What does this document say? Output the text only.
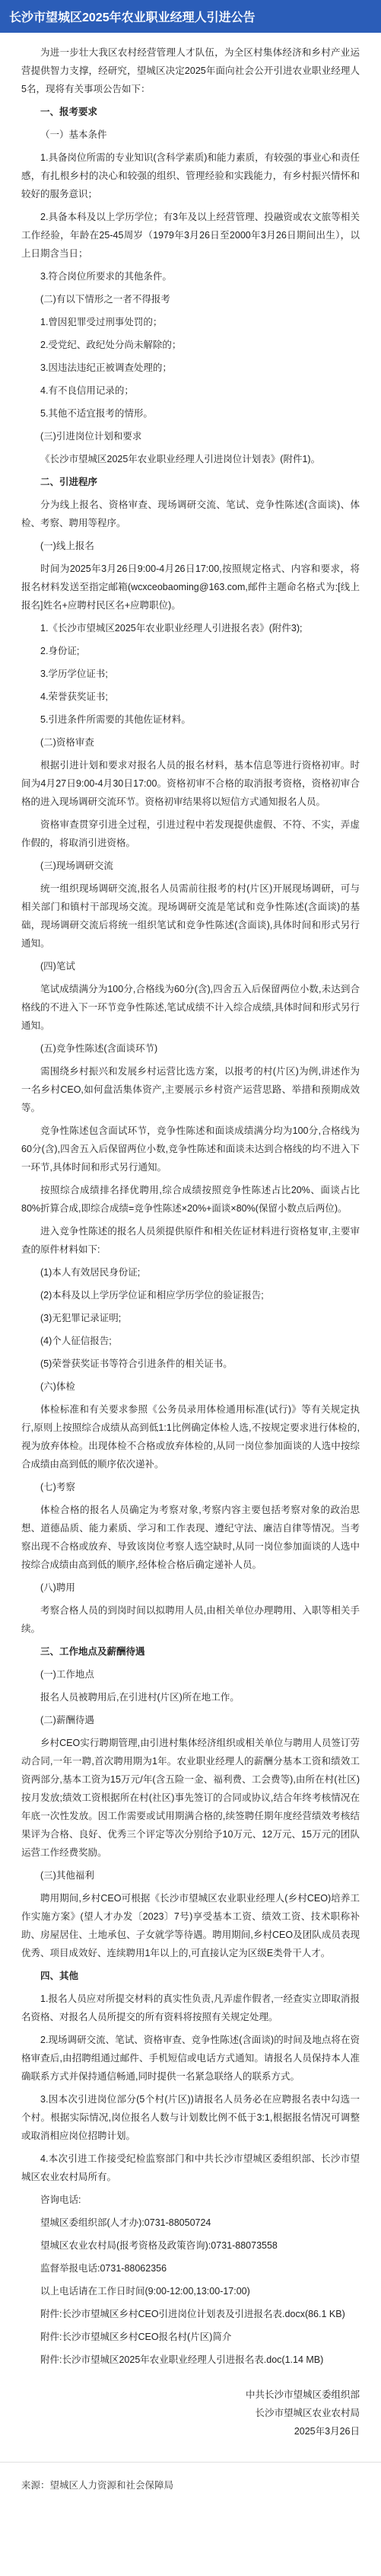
长沙市望城区2025年农业职业经理人引进公告

为进一步壮大我区农村经营管理人才队伍，为全区村集体经济和乡村产业运营提供智力支撑，经研究，望城区决定2025年面向社会公开引进农业职业经理人5名，现将有关事项公告如下：

一、报考要求

（一）基本条件

1.具备岗位所需的专业知识(含科学素质)和能力素质，有较强的事业心和责任感，有扎根乡村的决心和较强的组织、管理经验和实践能力，有乡村振兴情怀和较好的服务意识；

2.具备本科及以上学历学位；有3年及以上经营管理、投融资或农文旅等相关工作经验，年龄在25-45周岁（1979年3月26日至2000年3月26日期间出生），以上日期含当日；

3.符合岗位所要求的其他条件。

(二)有以下情形之一者不得报考

1.曾因犯罪受过刑事处罚的；

2.受党纪、政纪处分尚未解除的；

3.因违法违纪正被调查处理的；

4.有不良信用记录的；

5.其他不适宜报考的情形。

(三)引进岗位计划和要求

《长沙市望城区2025年农业职业经理人引进岗位计划表》(附件1)。

二、引进程序

分为线上报名、资格审查、现场调研交流、笔试、竞争性陈述(含面谈)、体检、考察、聘用等程序。

(一)线上报名

时间为2025年3月26日9:00-4月26日17:00,按照规定格式、内容和要求，将报名材料发送至指定邮箱(wcxceobaoming@163.com,邮件主题命名格式为:[线上报名]姓名+应聘村民区名+应聘职位)。

1.《长沙市望城区2025年农业职业经理人引进报名表》(附件3);

2.身份证;

3.学历学位证书;

4.荣誉获奖证书;

5.引进条件所需要的其他佐证材料。

(二)资格审查

根据引进计划和要求对报名人员的报名材料，基本信息等进行资格初审。时间为4月27日9:00-4月30日17:00。资格初审不合格的取消报考资格，资格初审合格的进入现场调研交流环节。资格初审结果将以短信方式通知报名人员。

资格审查贯穿引进全过程，引进过程中若发现提供虚假、不符、不实，弄虚作假的，将取消引进资格。

(三)现场调研交流

统一组织现场调研交流,报名人员需前往报考的村(片区)开展现场调研，可与相关部门和镇村干部现场交流。现场调研交流是笔试和竞争性陈述(含面谈)的基础，现场调研交流后将统一组织笔试和竞争性陈述(含面谈),具体时间和形式另行通知。

(四)笔试

笔试成绩满分为100分,合格线为60分(含),四舍五入后保留两位小数,未达到合格线的不进入下一环节竞争性陈述,笔试成绩不计入综合成绩,具体时间和形式另行通知。

(五)竞争性陈述(含面谈环节)

需围绕乡村振兴和发展乡村运营比选方案，以报考的村(片区)为例,讲述作为一名乡村CEO,如何盘活集体资产,主要展示乡村资产运营思路、举措和预期成效等。

竞争性陈述包含面试环节，竞争性陈述和面谈成绩满分均为100分,合格线为60分(含),四舍五入后保留两位小数,竞争性陈述和面谈未达到合格线的均不进入下一环节,具体时间和形式另行通知。

按照综合成绩排名择优聘用,综合成绩按照竞争性陈述占比20%、面谈占比80%折算合成,即综合成绩=竞争性陈述×20%+面谈×80%(保留小数点后两位)。

进入竞争性陈述的报名人员须提供原件和相关佐证材料进行资格复审,主要审查的原件材料如下:

(1)本人有效居民身份证;

(2)本科及以上学历学位证和相应学历学位的验证报告;

(3)无犯罪记录证明;

(4)个人征信报告;

(5)荣誉获奖证书等符合引进条件的相关证书。

(六)体检

体检标准和有关要求参照《公务员录用体检通用标准(试行)》等有关规定执行,原则上按照综合成绩从高到低1:1比例确定体检人选,不按规定要求进行体检的,视为放弃体检。出现体检不合格或放弃体检的,从同一岗位参加面谈的人选中按综合成绩由高到低的顺序依次递补。

(七)考察

体检合格的报名人员确定为考察对象,考察内容主要包括考察对象的政治思想、道德品质、能力素质、学习和工作表现、遵纪守法、廉洁自律等情况。当考察出现不合格或放弃、导致该岗位考察人选空缺时,从同一岗位参加面谈的人选中按综合成绩由高到低的顺序,经体检合格后确定递补人员。

(八)聘用

考察合格人员的到岗时间以拟聘用人员,由相关单位办理聘用、入职等相关手续。

三、工作地点及薪酬待遇

(一)工作地点

报名人员被聘用后,在引进村(片区)所在地工作。

(二)薪酬待遇

乡村CEO实行聘期管理,由引进村集体经济组织或相关单位与聘用人员签订劳动合同,一年一聘,首次聘用期为1年。农业职业经理人的薪酬分基本工资和绩效工资两部分,基本工资为15万元/年(含五险一金、福利费、工会费等),由所在村(社区)按月发放;绩效工资根据所在村(社区)事先签订的合同或协议,结合年终考核情况在年底一次性发放。因工作需要或试用期满合格的,续签聘任期年度经营绩效考核结果评为合格、良好、优秀三个评定等次分别给予10万元、12万元、15万元的团队运营工作经费奖励。

(三)其他福利

聘用期间,乡村CEO可根据《长沙市望城区农业职业经理人(乡村CEO)培养工作实施方案》(望人才办发〔2023〕7号)享受基本工资、绩效工资、技术职称补助、房屋居住、土地承包、子女就学等待遇。聘用期间,乡村CEO及团队成员表现优秀、项目成效好、连续聘用1年以上的,可直接认定为区级E类骨干人才。

四、其他

1.报名人员应对所提交材料的真实性负责,凡弄虚作假者,一经查实立即取消报名资格、对报名人员所提交的所有资料将按照有关规定处理。

2.现场调研交流、笔试、资格审查、竞争性陈述(含面谈)的时间及地点将在资格审查后,由招聘组通过邮件、手机短信或电话方式通知。请报名人员保持本人准确联系方式并保持通信畅通,同时提供一名紧急联络人的联系方式。

3.因本次引进岗位部分(5个村(片区))请报名人员务必在应聘报名表中勾选一个村。根据实际情况,岗位报名人数与计划数比例不低于3:1,根据报名情况可调整或取消相应岗位招聘计划。

4.本次引进工作接受纪检监察部门和中共长沙市望城区委组织部、长沙市望城区农业农村局所有。

咨询电话:

望城区委组织部(人才办):0731-88050724

望城区农业农村局(报考资格及政策咨询):0731-88073558

监督举报电话:0731-88062356

以上电话请在工作日时间(9:00-12:00,13:00-17:00)

附件:长沙市望城区乡村CEO引进岗位计划表及引进报名表.docx(86.1 KB)

附件:长沙市望城区乡村CEO报名村(片区)简介

附件:长沙市望城区2025年农业职业经理人引进报名表.doc(1.14 MB)

中共长沙市望城区委组织部
长沙市望城区农业农村局
2025年3月26日
来源：望城区人力资源和社会保障局
